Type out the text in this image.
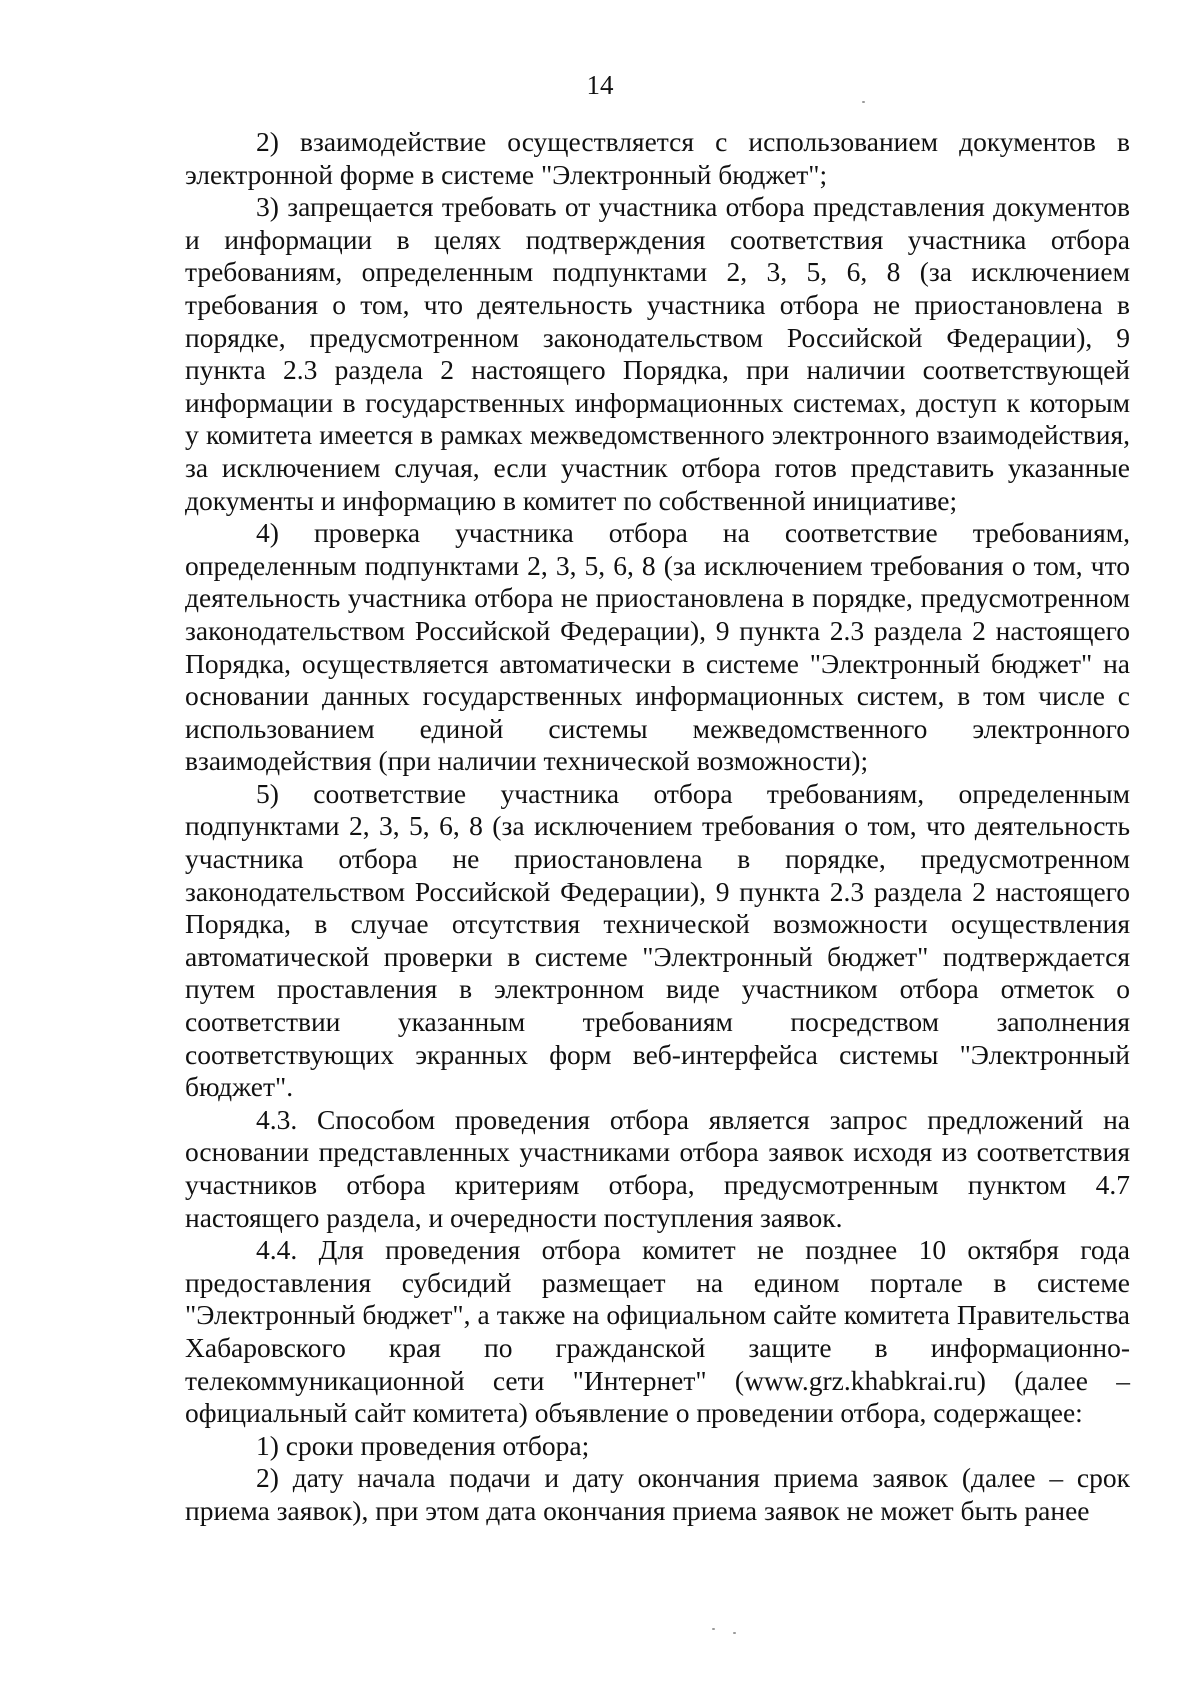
14

2) взаимодействие осуществляется с использованием документов в электронной форме в системе "Электронный бюджет";

3) запрещается требовать от участника отбора представления документов и информации в целях подтверждения соответствия участника отбора требованиям, определенным подпунктами 2, 3, 5, 6, 8 (за исключением требования о том, что деятельность участника отбора не приостановлена в порядке, предусмотренном законодательством Российской Федерации), 9 пункта 2.3 раздела 2 настоящего Порядка, при наличии соответствующей информации в государственных информационных системах, доступ к которым у комитета имеется в рамках межведомственного электронного взаимодействия, за исключением случая, если участник отбора готов представить указанные документы и информацию в комитет по собственной инициативе;

4) проверка участника отбора на соответствие требованиям, определенным подпунктами 2, 3, 5, 6, 8 (за исключением требования о том, что деятельность участника отбора не приостановлена в порядке, предусмотренном законодательством Российской Федерации), 9 пункта 2.3 раздела 2 настоящего Порядка, осуществляется автоматически в системе "Электронный бюджет" на основании данных государственных информационных систем, в том числе с использованием единой системы межведомственного электронного взаимодействия (при наличии технической возможности);

5) соответствие участника отбора требованиям, определенным подпунктами 2, 3, 5, 6, 8 (за исключением требования о том, что деятельность участника отбора не приостановлена в порядке, предусмотренном законодательством Российской Федерации), 9 пункта 2.3 раздела 2 настоящего Порядка, в случае отсутствия технической возможности осуществления автоматической проверки в системе "Электронный бюджет" подтверждается путем проставления в электронном виде участником отбора отметок о соответствии указанным требованиям посредством заполнения соответствующих экранных форм веб-интерфейса системы "Электронный бюджет".

4.3. Способом проведения отбора является запрос предложений на основании представленных участниками отбора заявок исходя из соответствия участников отбора критериям отбора, предусмотренным пунктом 4.7 настоящего раздела, и очередности поступления заявок.

4.4. Для проведения отбора комитет не позднее 10 октября года предоставления субсидий размещает на едином портале в системе "Электронный бюджет", а также на официальном сайте комитета Правительства Хабаровского края по гражданской защите в информационно-телекоммуникационной сети "Интернет" (www.grz.khabkrai.ru) (далее – официальный сайт комитета) объявление о проведении отбора, содержащее:

1) сроки проведения отбора;

2) дату начала подачи и дату окончания приема заявок (далее – срок приема заявок), при этом дата окончания приема заявок не может быть ранее
